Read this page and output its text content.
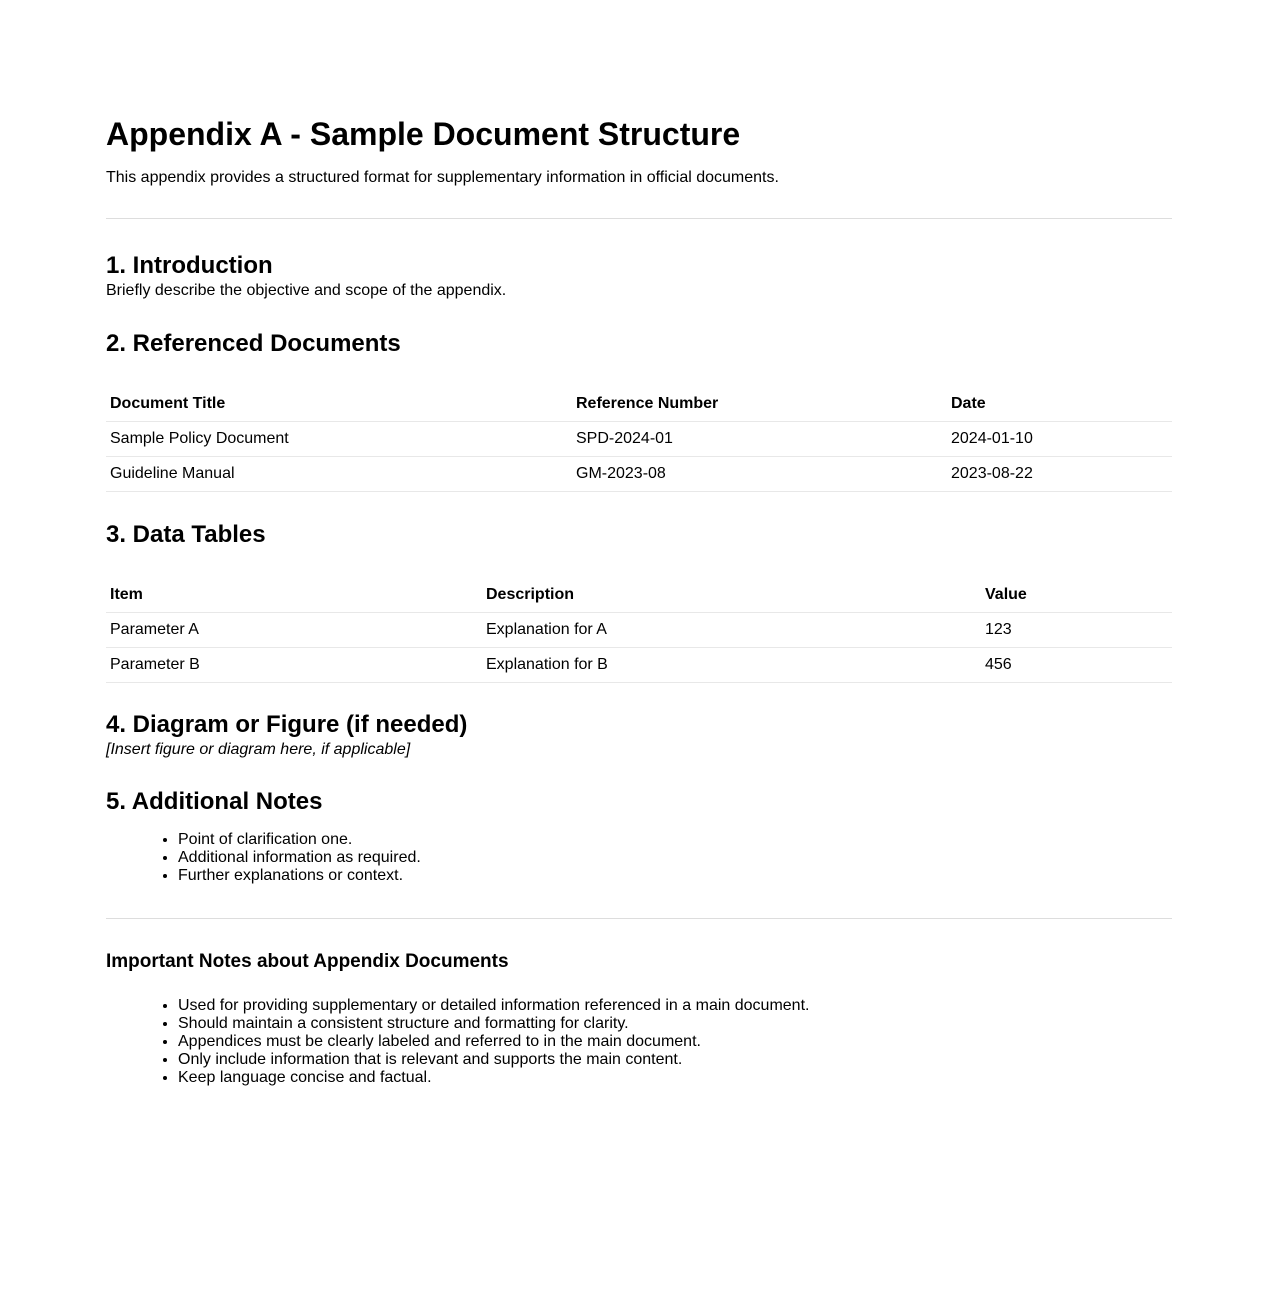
Appendix A - Sample Document Structure

This appendix provides a structured format for supplementary information in official documents.

1. Introduction

Briefly describe the objective and scope of the appendix.

2. Referenced Documents
Document Title	Reference Number	Date
Sample Policy Document	SPD-2024-01	2024-01-10
Guideline Manual	GM-2023-08	2023-08-22
3. Data Tables
Item	Description	Value
Parameter A	Explanation for A	123
Parameter B	Explanation for B	456
4. Diagram or Figure (if needed)

[Insert figure or diagram here, if applicable]

5. Additional Notes
• Point of clarification one.
• Additional information as required.
• Further explanations or context.
Important Notes about Appendix Documents
• Used for providing supplementary or detailed information referenced in a main document.
• Should maintain a consistent structure and formatting for clarity.
• Appendices must be clearly labeled and referred to in the main document.
• Only include information that is relevant and supports the main content.
• Keep language concise and factual.
